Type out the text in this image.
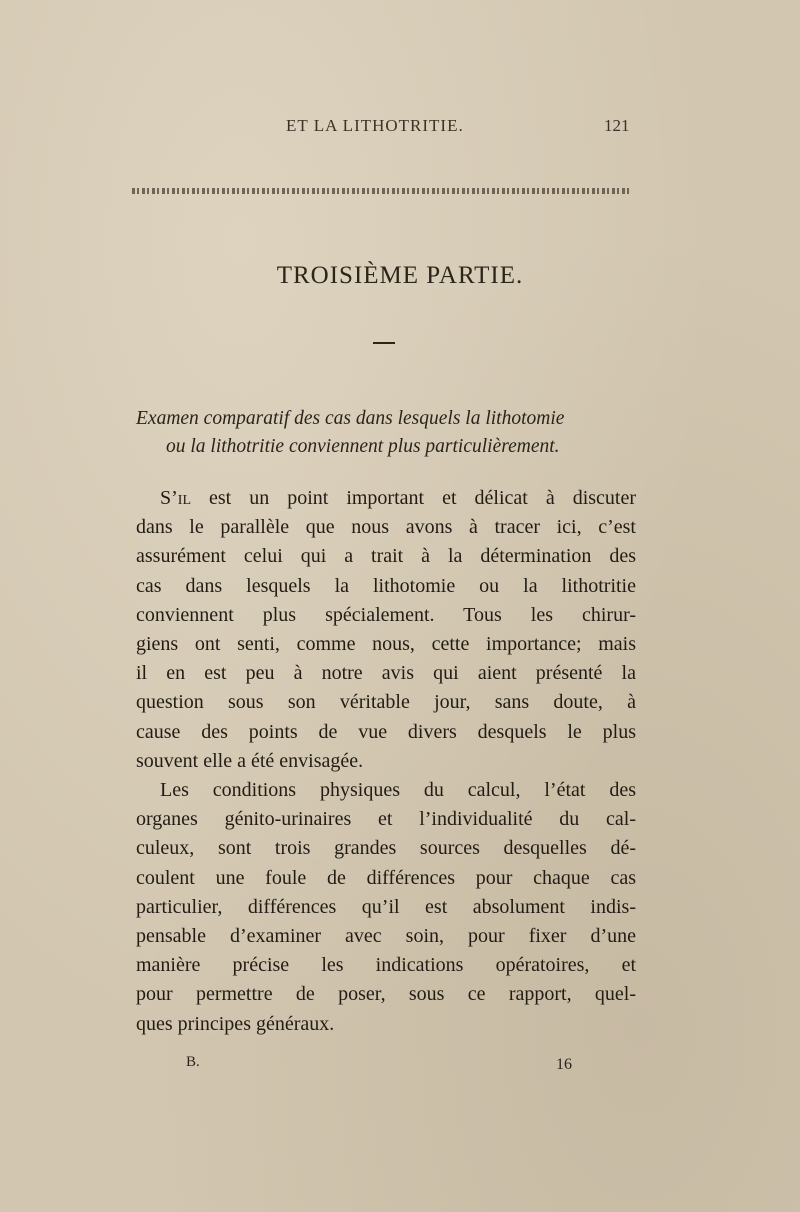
ET LA LITHOTRITIE.	121
TROISIÈME PARTIE.
Examen comparatif des cas dans lesquels la lithotomie
ou la lithotritie conviennent plus particulièrement.
S’il est un point important et délicat à discuter
dans le parallèle que nous avons à tracer ici, c’est
assurément celui qui a trait à la détermination des
cas dans lesquels la lithotomie ou la lithotritie
conviennent plus spécialement. Tous les chirur-
giens ont senti, comme nous, cette importance; mais
il en est peu à notre avis qui aient présenté la
question sous son véritable jour, sans doute, à
cause des points de vue divers desquels le plus
souvent elle a été envisagée.
Les conditions physiques du calcul, l’état des
organes génito-urinaires et l’individualité du cal-
culeux, sont trois grandes sources desquelles dé-
coulent une foule de différences pour chaque cas
particulier, différences qu’il est absolument indis-
pensable d’examiner avec soin, pour fixer d’une
manière précise les indications opératoires, et
pour permettre de poser, sous ce rapport, quel-
ques principes généraux.
B.	16
